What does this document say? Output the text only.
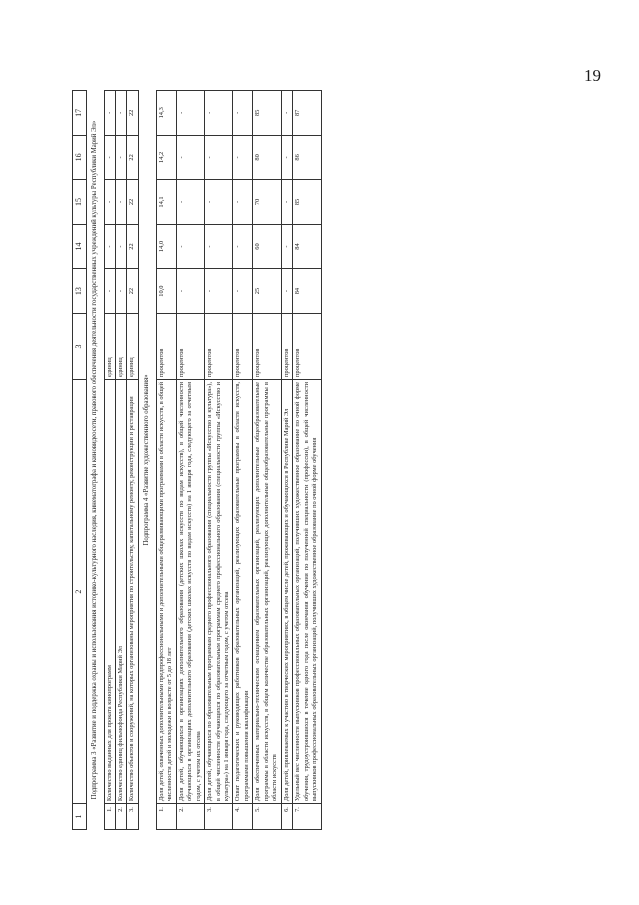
19
1	2	3	13	14	15	16	17
Подпрограмма 3 «Развитие и поддержка охраны и использования историко-культурного наследия, кинематографа и киновидеосети, правового обеспечения деятельности государственных учреждений культуры Республики Марий Эл»							
1.	Количество выданных для проката кинопрограмм	единиц	-	-	-	-	-
2.	Количество единиц фильмофонда Республики Марий Эл	единиц	-	-	-	-	-
3.	Количество объектов и сооружений, на которых организованы мероприятия по строительству, капитальному ремонту, реконструкции и реставрации	единиц	22	22	22	22	22
Подпрограмма 4 «Развитие художественного образования»							
1.	Доля детей, охваченных дополнительными предпрофессиональными и дополнительными общеразвивающими программами в области искусств, в общей численности детей и молодежи в возрасте от 5 до 18 лет	процентов	10,0	14,0	14,1	14,2	14,3
2.	Доля детей, обучающихся в организациях дополнительного образования (детских школах искусств по видам искусств), в общей численности обучающихся в организациях дополнительного образования (детских школах искусств по видам искусств) на 1 января года, следующего за отчетным годом, с учетом их отсева	процентов	-	-	-	-	-
3.	Доля детей, обучающихся по образовательным программам среднего профессионального образования (специальности группы «Искусство и культура»), в общей численности обучающихся по образовательным программам среднего профессионального образования (специальности группы «Искусство и культура») на 1 января года, следующего за отчетным годом, с учетом отсева	процентов	-	-	-	-	-
4.	Охват педагогических и руководящих работников образовательных организаций, реализующих образовательные программы в области искусств, программами повышения квалификации	процентов	-	-	-	-	-
5.	Доля обеспеченных материально-техническим оснащением образовательных организаций, реализующих дополнительные общеобразовательные программы в области искусств, в общем количестве образовательных организаций, реализующих дополнительные общеобразовательные программы в области искусств	процентов	25	60	70	80	85
6.	Доля детей, привлекаемых к участию в творческих мероприятиях, в общем числе детей, проживающих и обучающихся в Республике Марий Эл	процентов	-	-	-	-	-
7.	Удельный вес численности выпускников профессиональных образовательных организаций, получивших художественное образование по очной форме обучения, трудоустроившихся в течение одного года после окончания обучения по полученной специальности (профессии), в общей численности выпускников профессиональных образовательных организаций, получивших художественное образование по очной форме обучения	процентов	84	84	85	86	87
